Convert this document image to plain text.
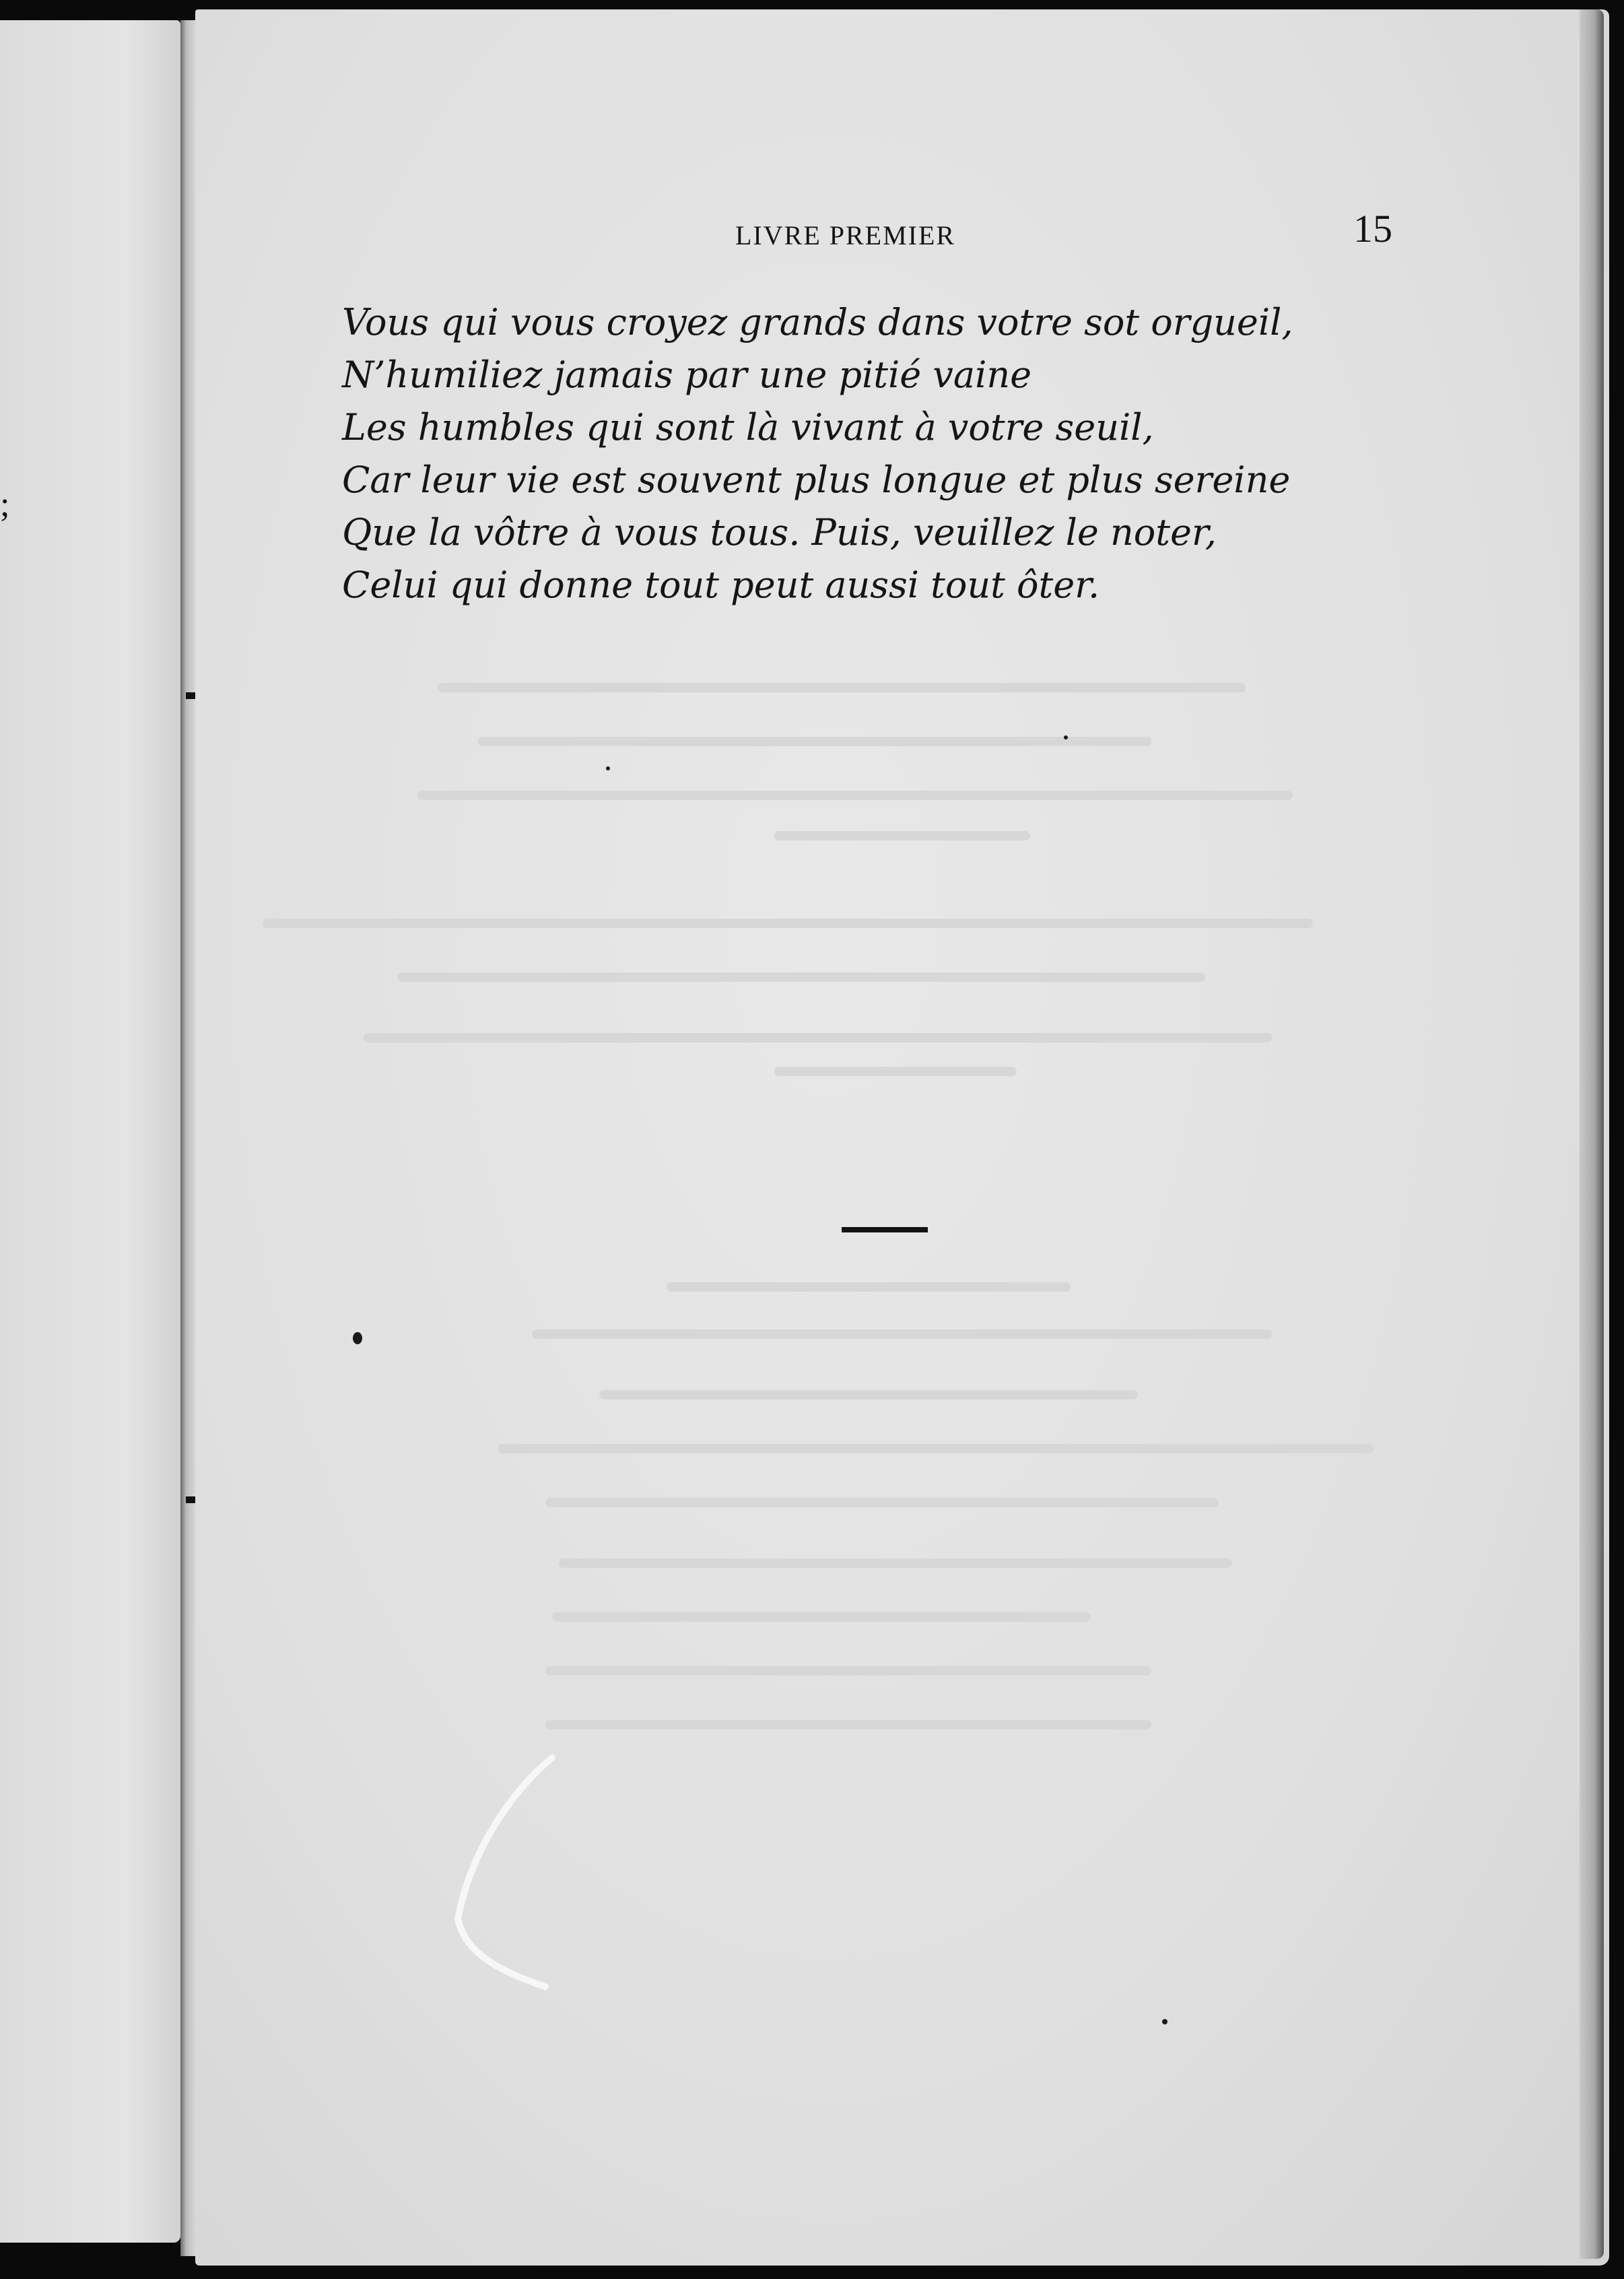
;
LIVRE PREMIER	15
Vous qui vous croyez grands dans votre sot orgueil,
N’humiliez jamais par une pitié vaine
Les humbles qui sont là vivant à votre seuil,
Car leur vie est souvent plus longue et plus sereine
Que la vôtre à vous tous. Puis, veuillez le noter,
Celui qui donne tout peut aussi tout ôter.
